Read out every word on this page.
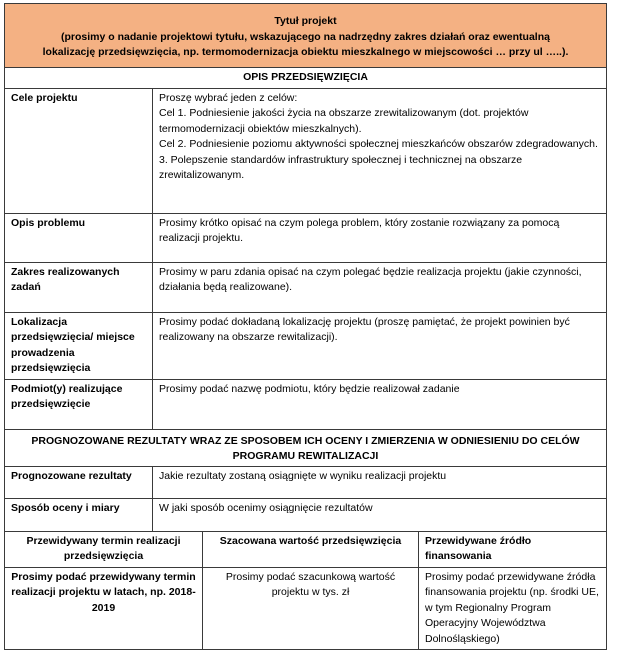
Tytuł projekt
(prosimy o nadanie projektowi tytułu, wskazującego na nadrzędny zakres działań oraz ewentualną
lokalizację przedsięwzięcia, np. termomodernizacja obiektu mieszkalnego w miejscowości … przy ul …..).			

OPIS PRZEDSIĘWZIĘCIA			
Cele projektu	Proszę wybrać jeden z celów:
Cel 1. Podniesienie jakości życia na obszarze zrewitalizowanym (dot. projektów termomodernizacji obiektów mieszkalnych).
Cel 2. Podniesienie poziomu aktywności społecznej mieszkańców obszarów zdegradowanych.
3. Polepszenie standardów infrastruktury społecznej i technicznej na obszarze zrewitalizowanym.		

Opis problemu	Prosimy krótko opisać na czym polega problem, który zostanie rozwiązany za pomocą realizacji projektu.		
Zakres realizowanych zadań	Prosimy w paru zdania opisać na czym polegać będzie realizacja projektu (jakie czynności, działania będą realizowane).		
Lokalizacja przedsięwzięcia/ miejsce prowadzenia przedsięwzięcia	Prosimy podać dokładaną lokalizację projektu (proszę pamiętać, że projekt powinien być realizowany na obszarze rewitalizacji).		
Podmiot(y) realizujące przedsięwzięcie	Prosimy podać nazwę podmiotu, który będzie realizował zadanie		
PROGNOZOWANE REZULTATY WRAZ ZE SPOSOBEM ICH OCENY I ZMIERZENIA W ODNIESIENIU DO CELÓW PROGRAMU REWITALIZACJI			
Prognozowane rezultaty	Jakie rezultaty zostaną osiągnięte w wyniku realizacji projektu		
Sposób oceny i miary	W jaki sposób ocenimy osiągnięcie rezultatów		
Przewidywany termin realizacji przedsięwzięcia		Szacowana wartość przedsięwzięcia	Przewidywane źródło finansowania
Prosimy podać przewidywany termin realizacji projektu w latach, np. 2018-2019		Prosimy podać szacunkową wartość projektu w tys. zł	Prosimy podać przewidywane źródła finansowania projektu (np. środki UE, w tym Regionalny Program Operacyjny Województwa Dolnośląskiego)
